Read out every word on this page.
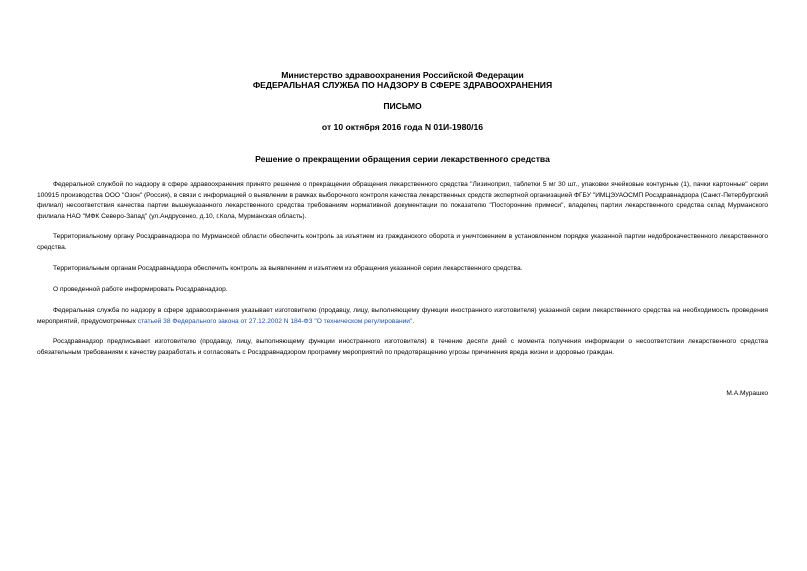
Министерство здравоохранения Российской Федерации
ФЕДЕРАЛЬНАЯ СЛУЖБА ПО НАДЗОРУ В СФЕРЕ ЗДРАВООХРАНЕНИЯ
ПИСЬМО
от 10 октября 2016 года N 01И-1980/16
Решение о прекращении обращения серии лекарственного средства

Федеральной службой по надзору в сфере здравоохранения принято решение о прекращении обращения лекарственного средства "Лизиноприл, таблетки 5 мг 30 шт., упаковки ячейковые контурные (1), пачки картонные" серии 100915 производства ООО "Озон" (Россия), в связи с информацией о выявлении в рамках выборочного контроля качества лекарственных средств экспертной организацией ФГБУ "ИМЦЭУАОСМП Росздравнадзора (Санкт-Петербургский филиал) несоответствия качества партии вышеуказанного лекарственного средства требованиям нормативной документации по показателю "Посторонние примеси", владелец партии лекарственного средства склад Мурманского филиала НАО "МФК Северо-Запад" (ул.Андрусенко, д.10, г.Кола, Мурманская область).

Территориальному органу Росздравнадзора по Мурманской области обеспечить контроль за изъятием из гражданского оборота и уничтожением в установленном порядке указанной партии недоброкачественного лекарственного средства.

Территориальным органам Росздравнадзора обеспечить контроль за выявлением и изъятием из обращения указанной серии лекарственного средства.

О проведенной работе информировать Росздравнадзор.

Федеральная служба по надзору в сфере здравоохранения указывает изготовителю (продавцу, лицу, выполняющему функции иностранного изготовителя) указанной серии лекарственного средства на необходимость проведения мероприятий, предусмотренных статьей 38 Федерального закона от 27.12.2002 N 184-ФЗ "О техническом регулировании".

Росздравнадзор предписывает изготовителю (продавцу, лицу, выполняющему функции иностранного изготовителя) в течение десяти дней с момента получения информации о несоответствии лекарственного средства обязательным требованиям к качеству разработать и согласовать с Росздравнадзором программу мероприятий по предотвращению угрозы причинения вреда жизни и здоровью граждан.

М.А.Мурашко
